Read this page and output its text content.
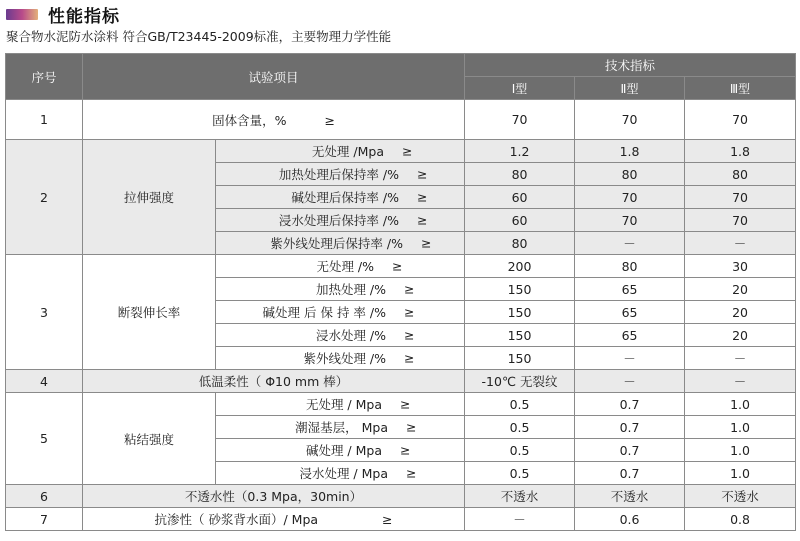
性能指标
聚合物水泥防水涂料 符合GB/T23445-2009标准，主要物理力学性能
序号	试验项目		技术指标		
			Ⅰ型	Ⅱ型	Ⅲ型
1	固体含量，% ≥		70	70	70
2	拉伸强度	无处理 /Mpa ≥	1.2	1.8	1.8

		加热处理后保持率 /% ≥	80	80	80

		碱处理后保持率 /% ≥	60	70	70

		浸水处理后保持率 /% ≥	60	70	70

		紫外线处理后保持率 /% ≥	80	－	－
3	断裂伸长率	无处理 /% ≥	200	80	30

		加热处理 /% ≥	150	65	20

		碱处理 后 保 持 率 /% ≥	150	65	20

		浸水处理 /% ≥	150	65	20

		紫外线处理 /% ≥	150	－	－
4	低温柔性（ Φ10 mm 棒）		-10℃ 无裂纹	－	－
5	粘结强度	无处理 / Mpa ≥	0.5	0.7	1.0

		潮湿基层， Mpa ≥	0.5	0.7	1.0

		碱处理 / Mpa ≥	0.5	0.7	1.0

		浸水处理 / Mpa ≥	0.5	0.7	1.0
6	不透水性（0.3 Mpa，30min）		不透水	不透水	不透水
7	抗渗性（ 砂浆背水面）/ Mpa ≥		－	0.6	0.8
